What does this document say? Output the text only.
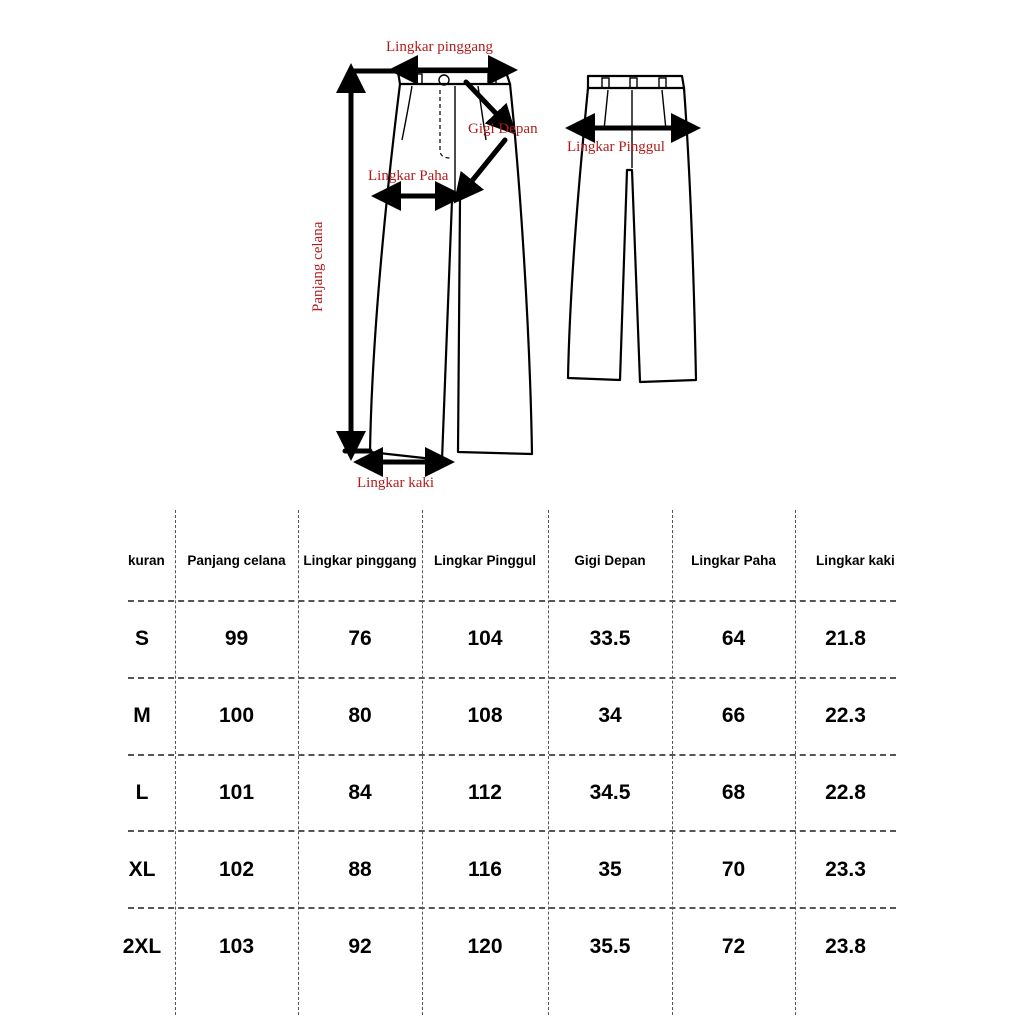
Lingkar pinggang
Gigi Depan
Lingkar Paha
Panjang celana
Lingkar kaki
Lingkar Pinggul
kuran	Panjang celana	Lingkar pinggang	Lingkar Pinggul	Gigi Depan	Lingkar Paha	Lingkar kaki
S	99	76	104	33.5	64	21.8
M	100	80	108	34	66	22.3
L	101	84	112	34.5	68	22.8
XL	102	88	116	35	70	23.3
2XL	103	92	120	35.5	72	23.8
